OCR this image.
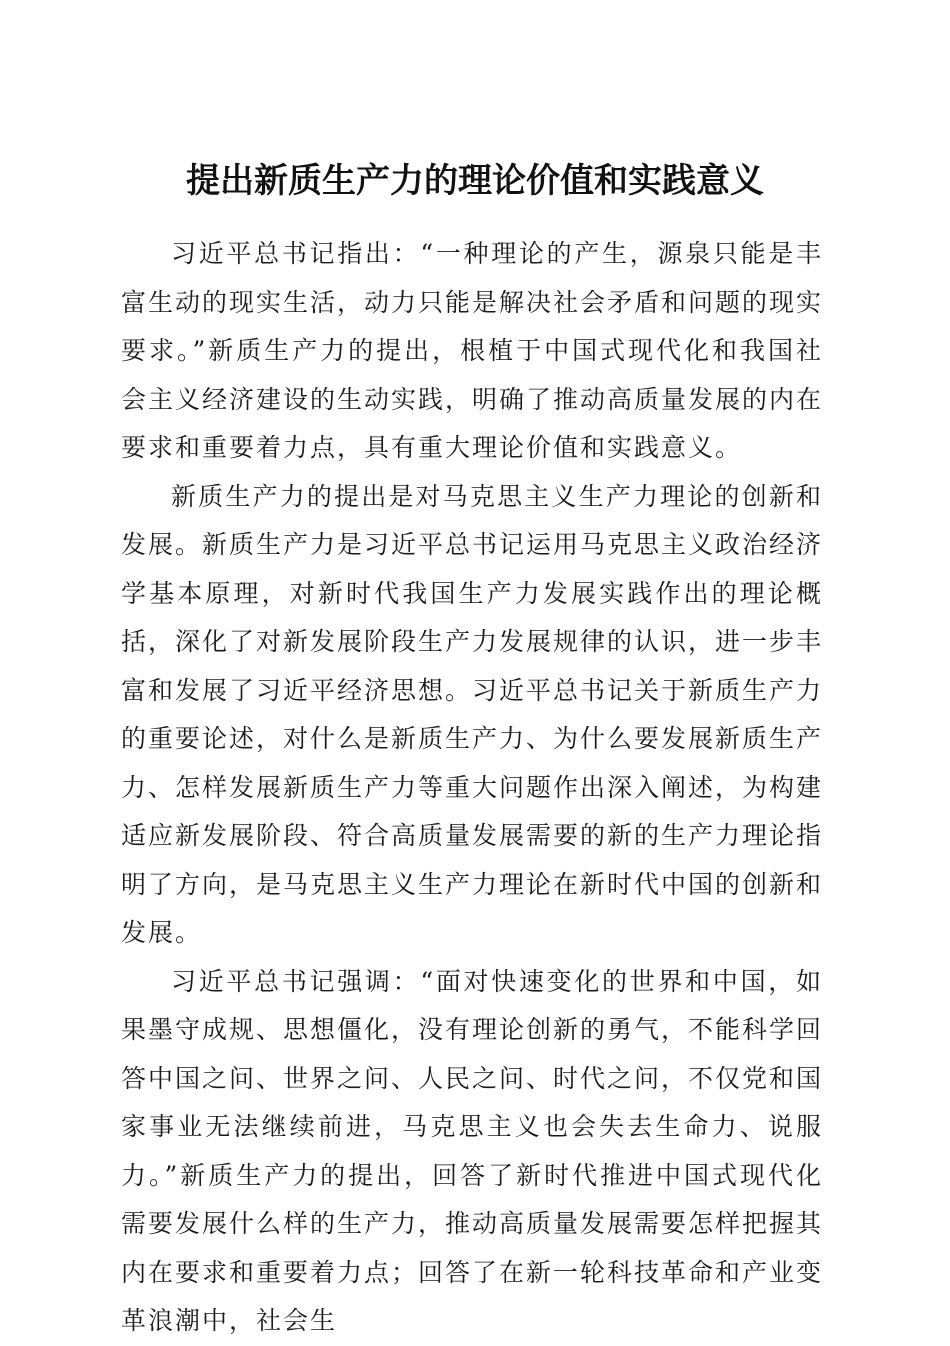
提出新质生产力的理论价值和实践意义

习近平总书记指出：“一种理论的产生，源泉只能是丰富生动的现实生活，动力只能是解决社会矛盾和问题的现实要求。”新质生产力的提出，根植于中国式现代化和我国社会主义经济建设的生动实践，明确了推动高质量发展的内在要求和重要着力点，具有重大理论价值和实践意义。

新质生产力的提出是对马克思主义生产力理论的创新和发展。新质生产力是习近平总书记运用马克思主义政治经济学基本原理，对新时代我国生产力发展实践作出的理论概括，深化了对新发展阶段生产力发展规律的认识，进一步丰富和发展了习近平经济思想。习近平总书记关于新质生产力的重要论述，对什么是新质生产力、为什么要发展新质生产力、怎样发展新质生产力等重大问题作出深入阐述，为构建适应新发展阶段、符合高质量发展需要的新的生产力理论指明了方向，是马克思主义生产力理论在新时代中国的创新和发展。

习近平总书记强调：“面对快速变化的世界和中国，如果墨守成规、思想僵化，没有理论创新的勇气，不能科学回答中国之问、世界之问、人民之问、时代之问，不仅党和国家事业无法继续前进，马克思主义也会失去生命力、说服力。”新质生产力的提出，回答了新时代推进中国式现代化需要发展什么样的生产力，推动高质量发展需要怎样把握其内在要求和重要着力点；回答了在新一轮科技革命和产业变革浪潮中，社会生
